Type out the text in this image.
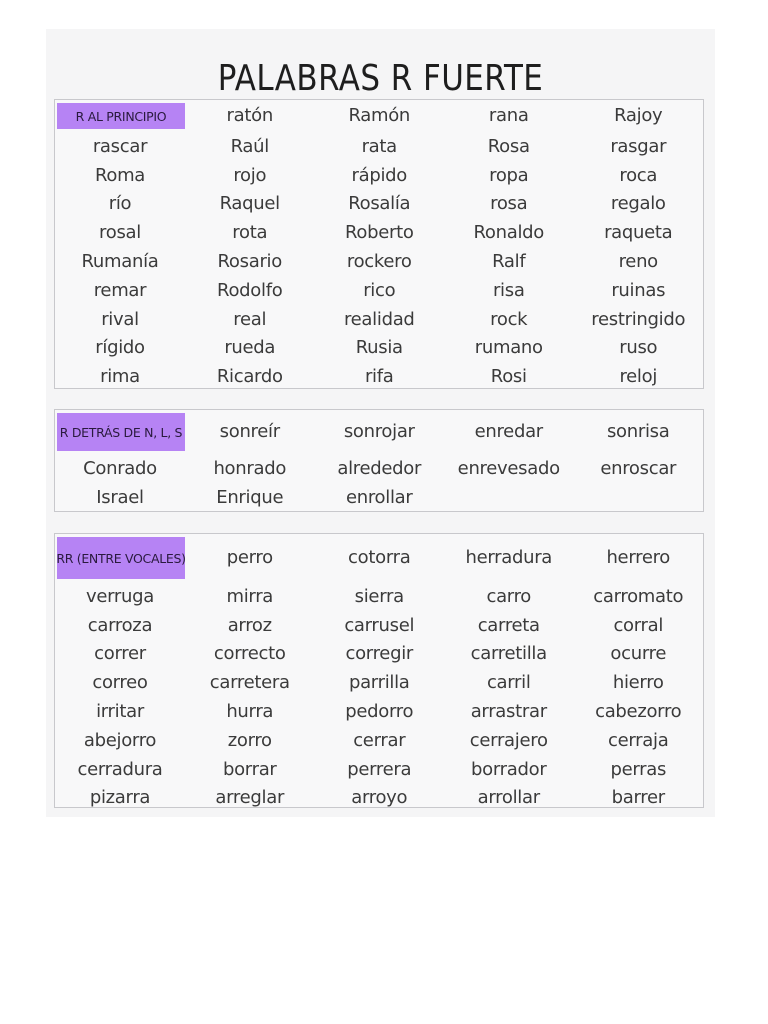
PALABRAS R FUERTE
R AL PRINCIPIO	ratón	Ramón	rana	Rajoy
rascar	Raúl	rata	Rosa	rasgar
Roma	rojo	rápido	ropa	roca
río	Raquel	Rosalía	rosa	regalo
rosal	rota	Roberto	Ronaldo	raqueta
Rumanía	Rosario	rockero	Ralf	reno
remar	Rodolfo	rico	risa	ruinas
rival	real	realidad	rock	restringido
rígido	rueda	Rusia	rumano	ruso
rima	Ricardo	rifa	Rosi	reloj
R DETRÁS DE N, L, S	sonreír	sonrojar	enredar	sonrisa
Conrado	honrado	alrededor	enrevesado	enroscar
Israel	Enrique	enrollar
RR (ENTRE VOCALES)	perro	cotorra	herradura	herrero
verruga	mirra	sierra	carro	carromato
carroza	arroz	carrusel	carreta	corral
correr	correcto	corregir	carretilla	ocurre
correo	carretera	parrilla	carril	hierro
irritar	hurra	pedorro	arrastrar	cabezorro
abejorro	zorro	cerrar	cerrajero	cerraja
cerradura	borrar	perrera	borrador	perras
pizarra	arreglar	arroyo	arrollar	barrer
